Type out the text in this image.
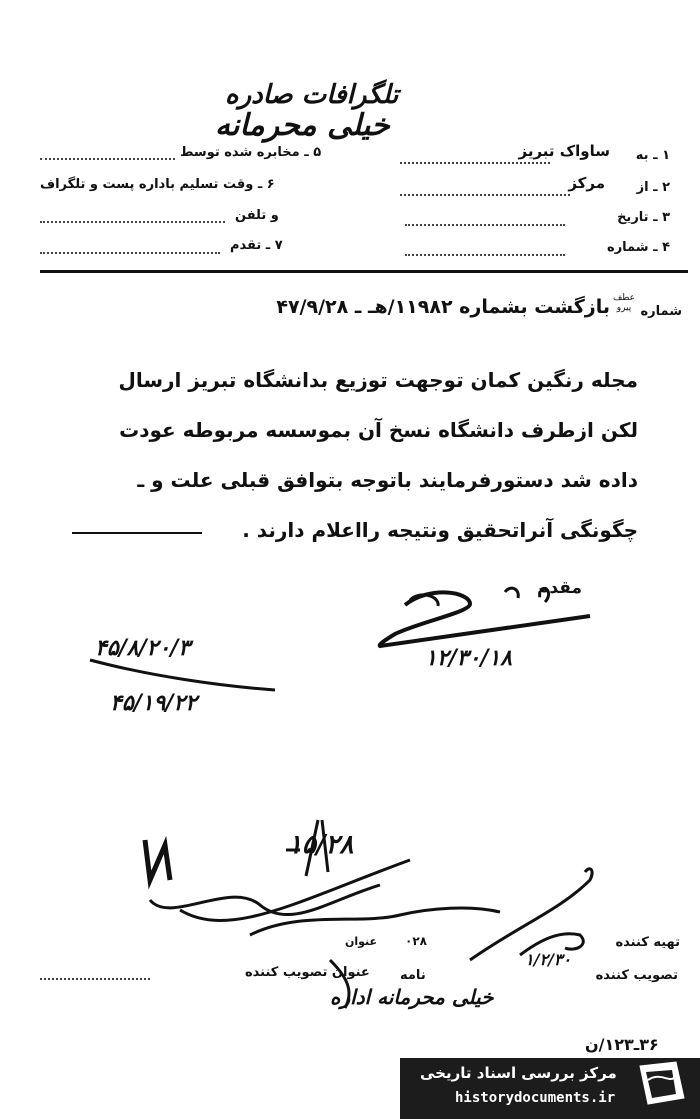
تلگرافات صادره
خیلی محرمانه
۱ ـ به
ساواک تبریز
۲ ـ از
مرکز
۳ ـ تاریخ
۴ ـ شماره
۵ ـ مخابره شده توسط
۶ ـ وقت تسلیم باداره پست و تلگراف
و تلفن
۷ ـ تقدم
شماره
عطف پیرو
بازگشت بشماره ۱۱۹۸۲/هـ ـ ۴۷/۹/۲۸
مجله رنگین کمان توجهت توزیع بدانشگاه تبریز ارسال
لکن ازطرف دانشگاه نسخ آن بموسسه مربوطه عودت
داده شد دستورفرمایند باتوجه بتوافق قبلی علت و ـ
چگونگی آنراتحقیق ونتیجه رااعلام دارند .
مقدم
۱۲/۳۰/۱۸
۴۵/۸/۲۰/۳
۴۵/۱۹/۲۲
۱۵/۲۸
۱/۲/۳۰
خیلی محرمانه اداره
تهیه کننده
تصویب کننده
عنوان تصویب کننده نامه
عنوان ۰۲۸
۳۶ـ۱۲۳/ن
مرکز بررسی اسناد تاریخی
historydocuments.ir
